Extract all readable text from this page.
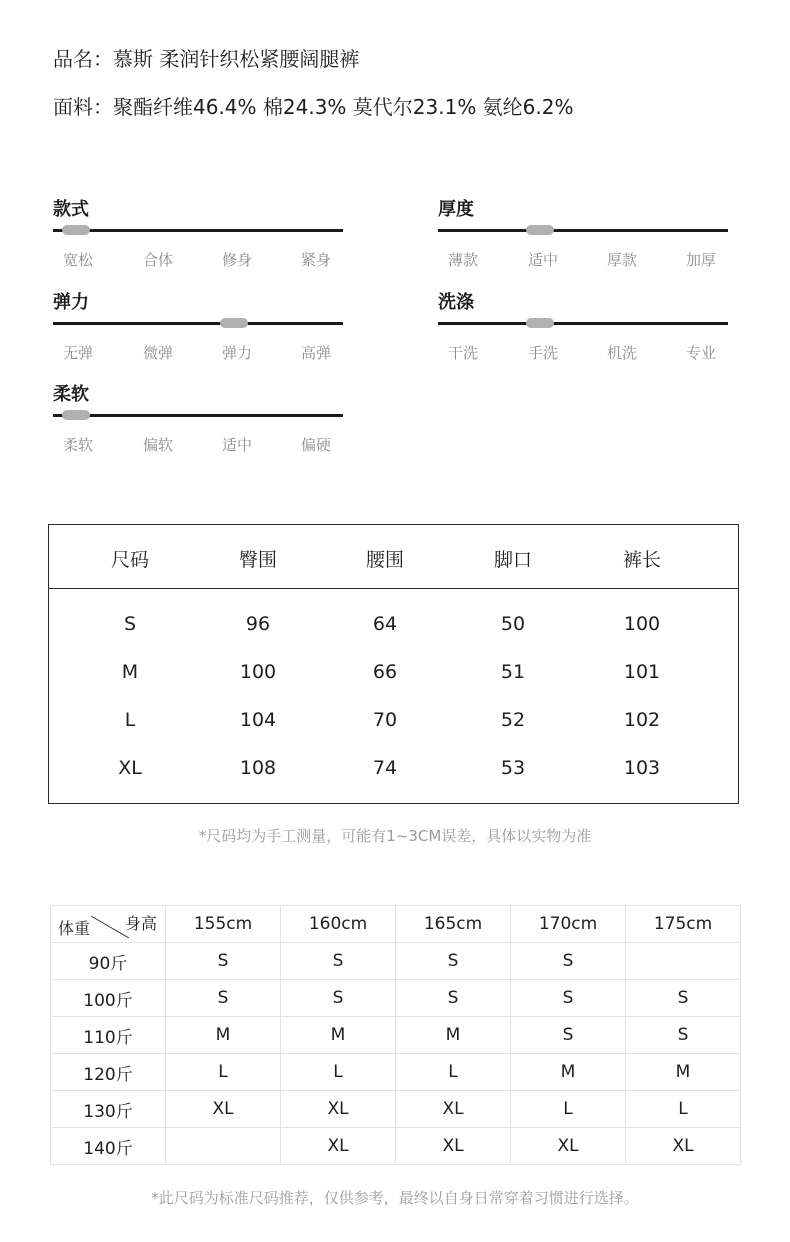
品名：慕斯 柔润针织松紧腰阔腿裤
面料：聚酯纤维46.4% 棉24.3% 莫代尔23.1% 氨纶6.2%
款式
宽松	合体	修身	紧身
厚度
薄款	适中	厚款	加厚
弹力
无弹	微弹	弹力	高弹
洗涤
干洗	手洗	机洗	专业
柔软
柔软	偏软	适中	偏硬
尺码	臀围	腰围	脚口	裤长
S	96	64	50	100
M	100	66	51	101
L	104	70	52	102
XL	108	74	53	103
*尺码均为手工测量，可能有1~3CM误差，具体以实物为准
身高
体重	155cm	160cm	165cm	170cm	175cm
90斤	S	S	S	S	
100斤	S	S	S	S	S
110斤	M	M	M	S	S
120斤	L	L	L	M	M
130斤	XL	XL	XL	L	L
140斤		XL	XL	XL	XL
*此尺码为标准尺码推荐，仅供参考，最终以自身日常穿着习惯进行选择。
